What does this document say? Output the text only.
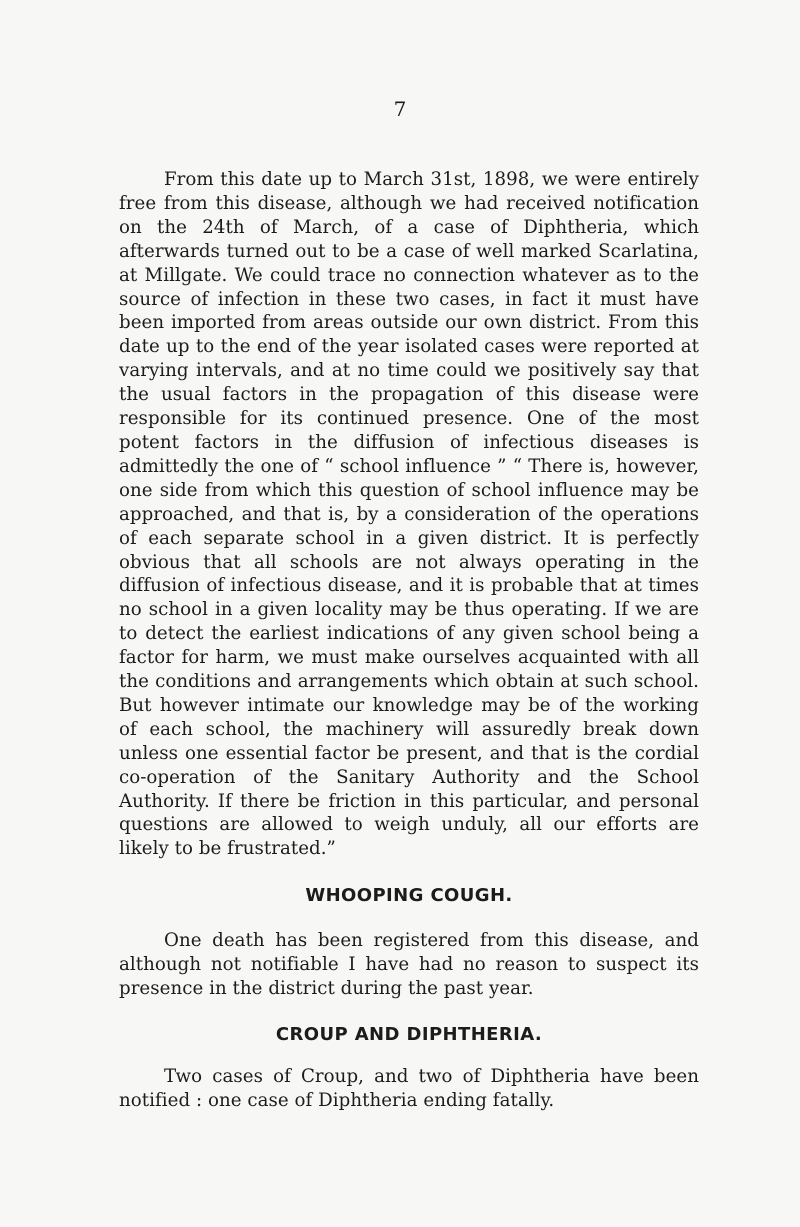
7

From this date up to March 31st, 1898, we were entirely free from this disease, although we had received notification on the 24th of March, of a case of Diphtheria, which afterwards turned out to be a case of well marked Scarlatina, at Millgate. We could trace no connection whatever as to the source of infection in these two cases, in fact it must have been imported from areas outside our own district. From this date up to the end of the year isolated cases were reported at varying intervals, and at no time could we positively say that the usual factors in the propagation of this disease were responsible for its continued presence. One of the most potent factors in the diffusion of infectious diseases is admittedly the one of “ school influence ” “ There is, however, one side from which this question of school influence may be approached, and that is, by a consideration of the operations of each separate school in a given district. It is perfectly obvious that all schools are not always operating in the diffusion of infectious disease, and it is probable that at times no school in a given locality may be thus operating. If we are to detect the earliest indications of any given school being a factor for harm, we must make ourselves acquainted with all the conditions and arrangements which obtain at such school. But however intimate our knowledge may be of the working of each school, the machinery will assuredly break down unless one essential factor be present, and that is the cordial co-operation of the Sanitary Authority and the School Authority. If there be friction in this particular, and personal questions are allowed to weigh unduly, all our efforts are likely to be frustrated.”

WHOOPING COUGH.

One death has been registered from this disease, and although not notifiable I have had no reason to suspect its presence in the district during the past year.

CROUP AND DIPHTHERIA.

Two cases of Croup, and two of Diphtheria have been notified : one case of Diphtheria ending fatally.
